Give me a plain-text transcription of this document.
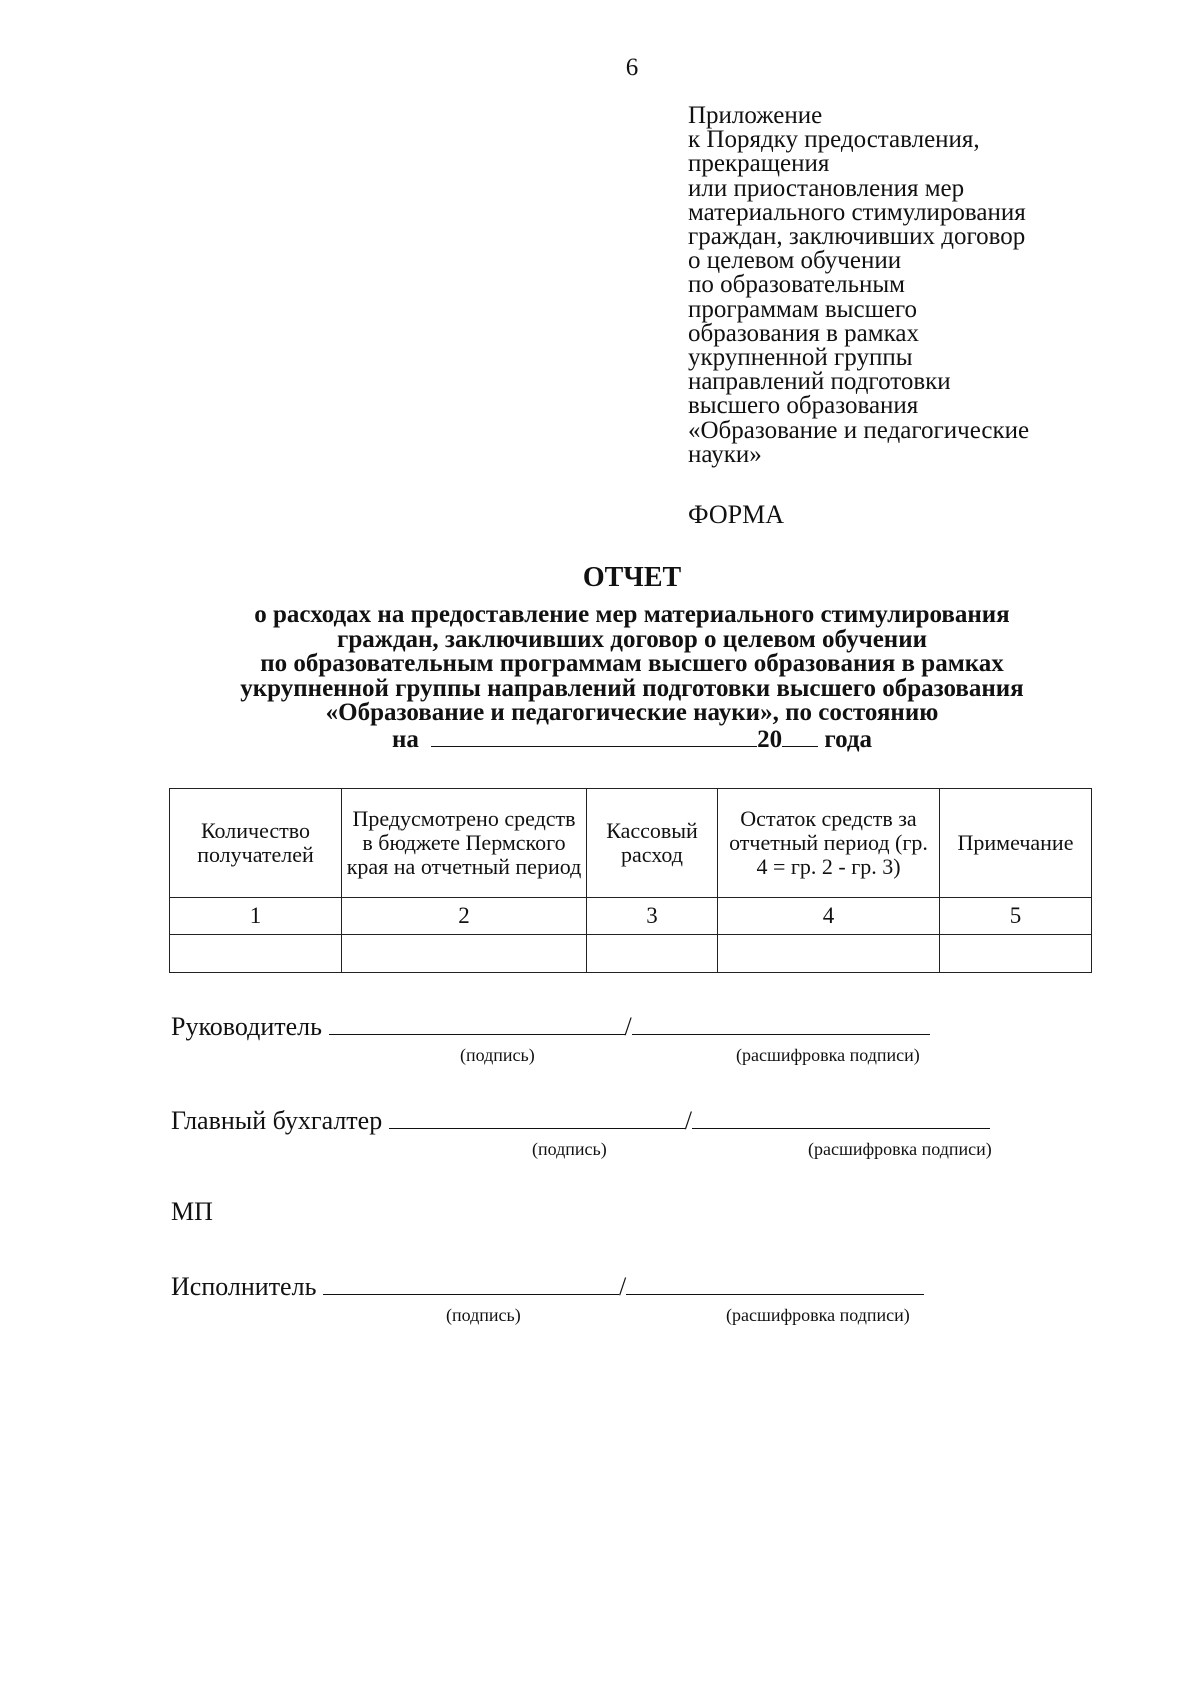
6
Приложение
к Порядку предоставления,
прекращения
или приостановления мер
материального стимулирования
граждан, заключивших договор
о целевом обучении
по образовательным
программам высшего
образования в рамках
укрупненной группы
направлений подготовки
высшего образования
«Образование и педагогические
науки»
ФОРМА
ОТЧЕТ
о расходах на предоставление мер материального стимулирования
граждан, заключивших договор о целевом обучении
по образовательным программам высшего образования в рамках
укрупненной группы направлений подготовки высшего образования
«Образование и педагогические науки», по состоянию
на	20 года
Количество получателей	Предусмотрено средств в бюджете Пермского края на отчетный период	Кассовый расход	Остаток средств за отчетный период (гр. 4 = гр. 2 - гр. 3)	Примечание
1	2	3	4	5

Руководитель	/
(подпись)	(расшифровка подписи)
Главный бухгалтер	/
(подпись)	(расшифровка подписи)
МП
Исполнитель	/
(подпись)	(расшифровка подписи)
